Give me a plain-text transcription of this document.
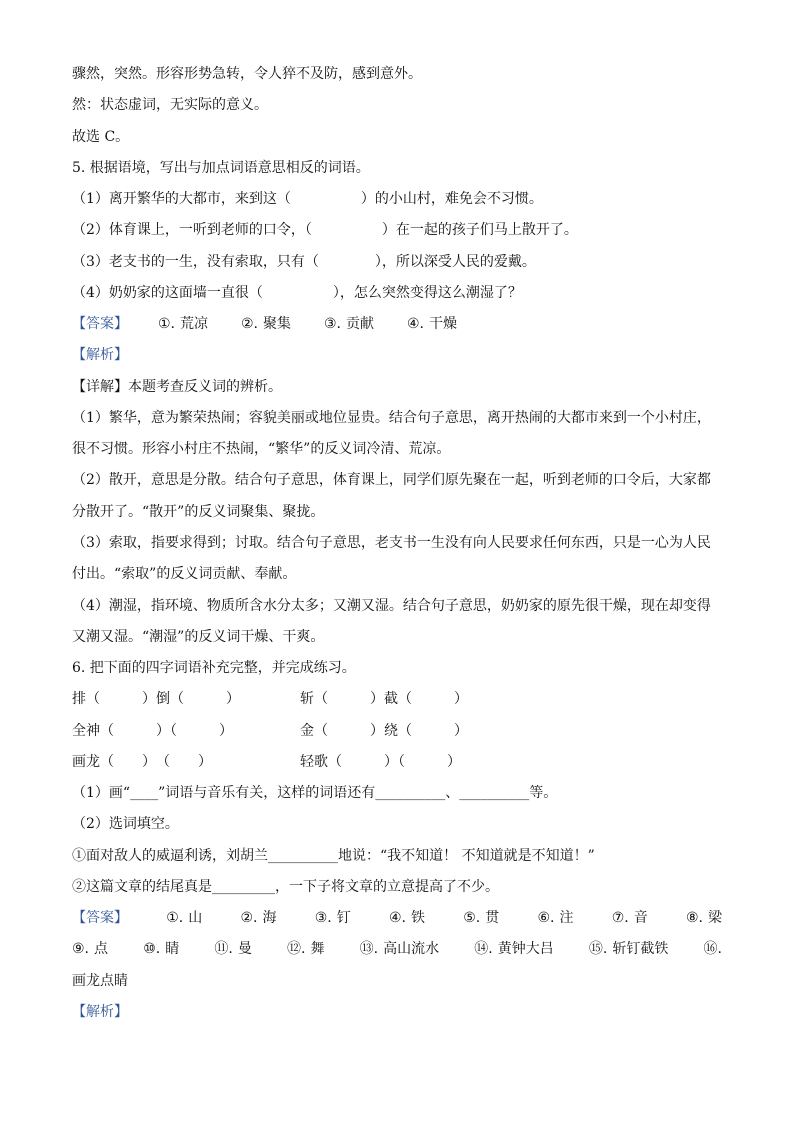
骤然，突然。形容形势急转，令人猝不及防，感到意外。
然：状态虚词，无实际的意义。
故选 C。
5. 根据语境，写出与加点词语意思相反的词语。
（1）离开繁华的大都市，来到这（　　　　　）的小山村，难免会不习惯。
（2）体育课上，一听到老师的口令，（　　　　　）在一起的孩子们马上散开了。
（3）老支书的一生，没有索取，只有（　　　　），所以深受人民的爱戴。
（4）奶奶家的这面墙一直很（　　　　　），怎么突然变得这么潮湿了？
【答案】 ①. 荒凉 ②. 聚集 ③. 贡献 ④. 干燥
【解析】
【详解】本题考查反义词的辨析。
（1）繁华，意为繁荣热闹；容貌美丽或地位显贵。结合句子意思，离开热闹的大都市来到一个小村庄，
很不习惯。形容小村庄不热闹，“繁华”的反义词冷清、荒凉。
（2）散开，意思是分散。结合句子意思，体育课上，同学们原先聚在一起，听到老师的口令后，大家都
分散开了。“散开”的反义词聚集、聚拢。
（3）索取，指要求得到；讨取。结合句子意思，老支书一生没有向人民要求任何东西，只是一心为人民
付出。“索取”的反义词贡献、奉献。
（4）潮湿，指环境、物质所含水分太多；又潮又湿。结合句子意思，奶奶家的原先很干燥，现在却变得
又潮又湿。“潮湿”的反义词干燥、干爽。
6. 把下面的四字词语补充完整，并完成练习。
排（　　　）倒（　　　）	斩（　　　）截（　　　）
全神（　　　）（　　　）	金（　　　）绕（　　　）
画龙（　　）　（　　）	轻歌（　　　）（　　　）
（1）画“____”词语与音乐有关，这样的词语还有__________、__________等。
（2）选词填空。
①面对敌人的威逼利诱，刘胡兰__________地说：“我不知道！ 不知道就是不知道！”
②这篇文章的结尾真是_________，一下子将文章的立意提高了不少。
【答案】	①. 山	②. 海	③. 钉	④. 铁	⑤. 贯	⑥. 注	⑦. 音	⑧. 梁
⑨. 点	⑩. 睛	⑪. 曼	⑫. 舞	⑬. 高山流水	⑭. 黄钟大吕	⑮. 斩钉截铁	⑯.
画龙点睛
【解析】
